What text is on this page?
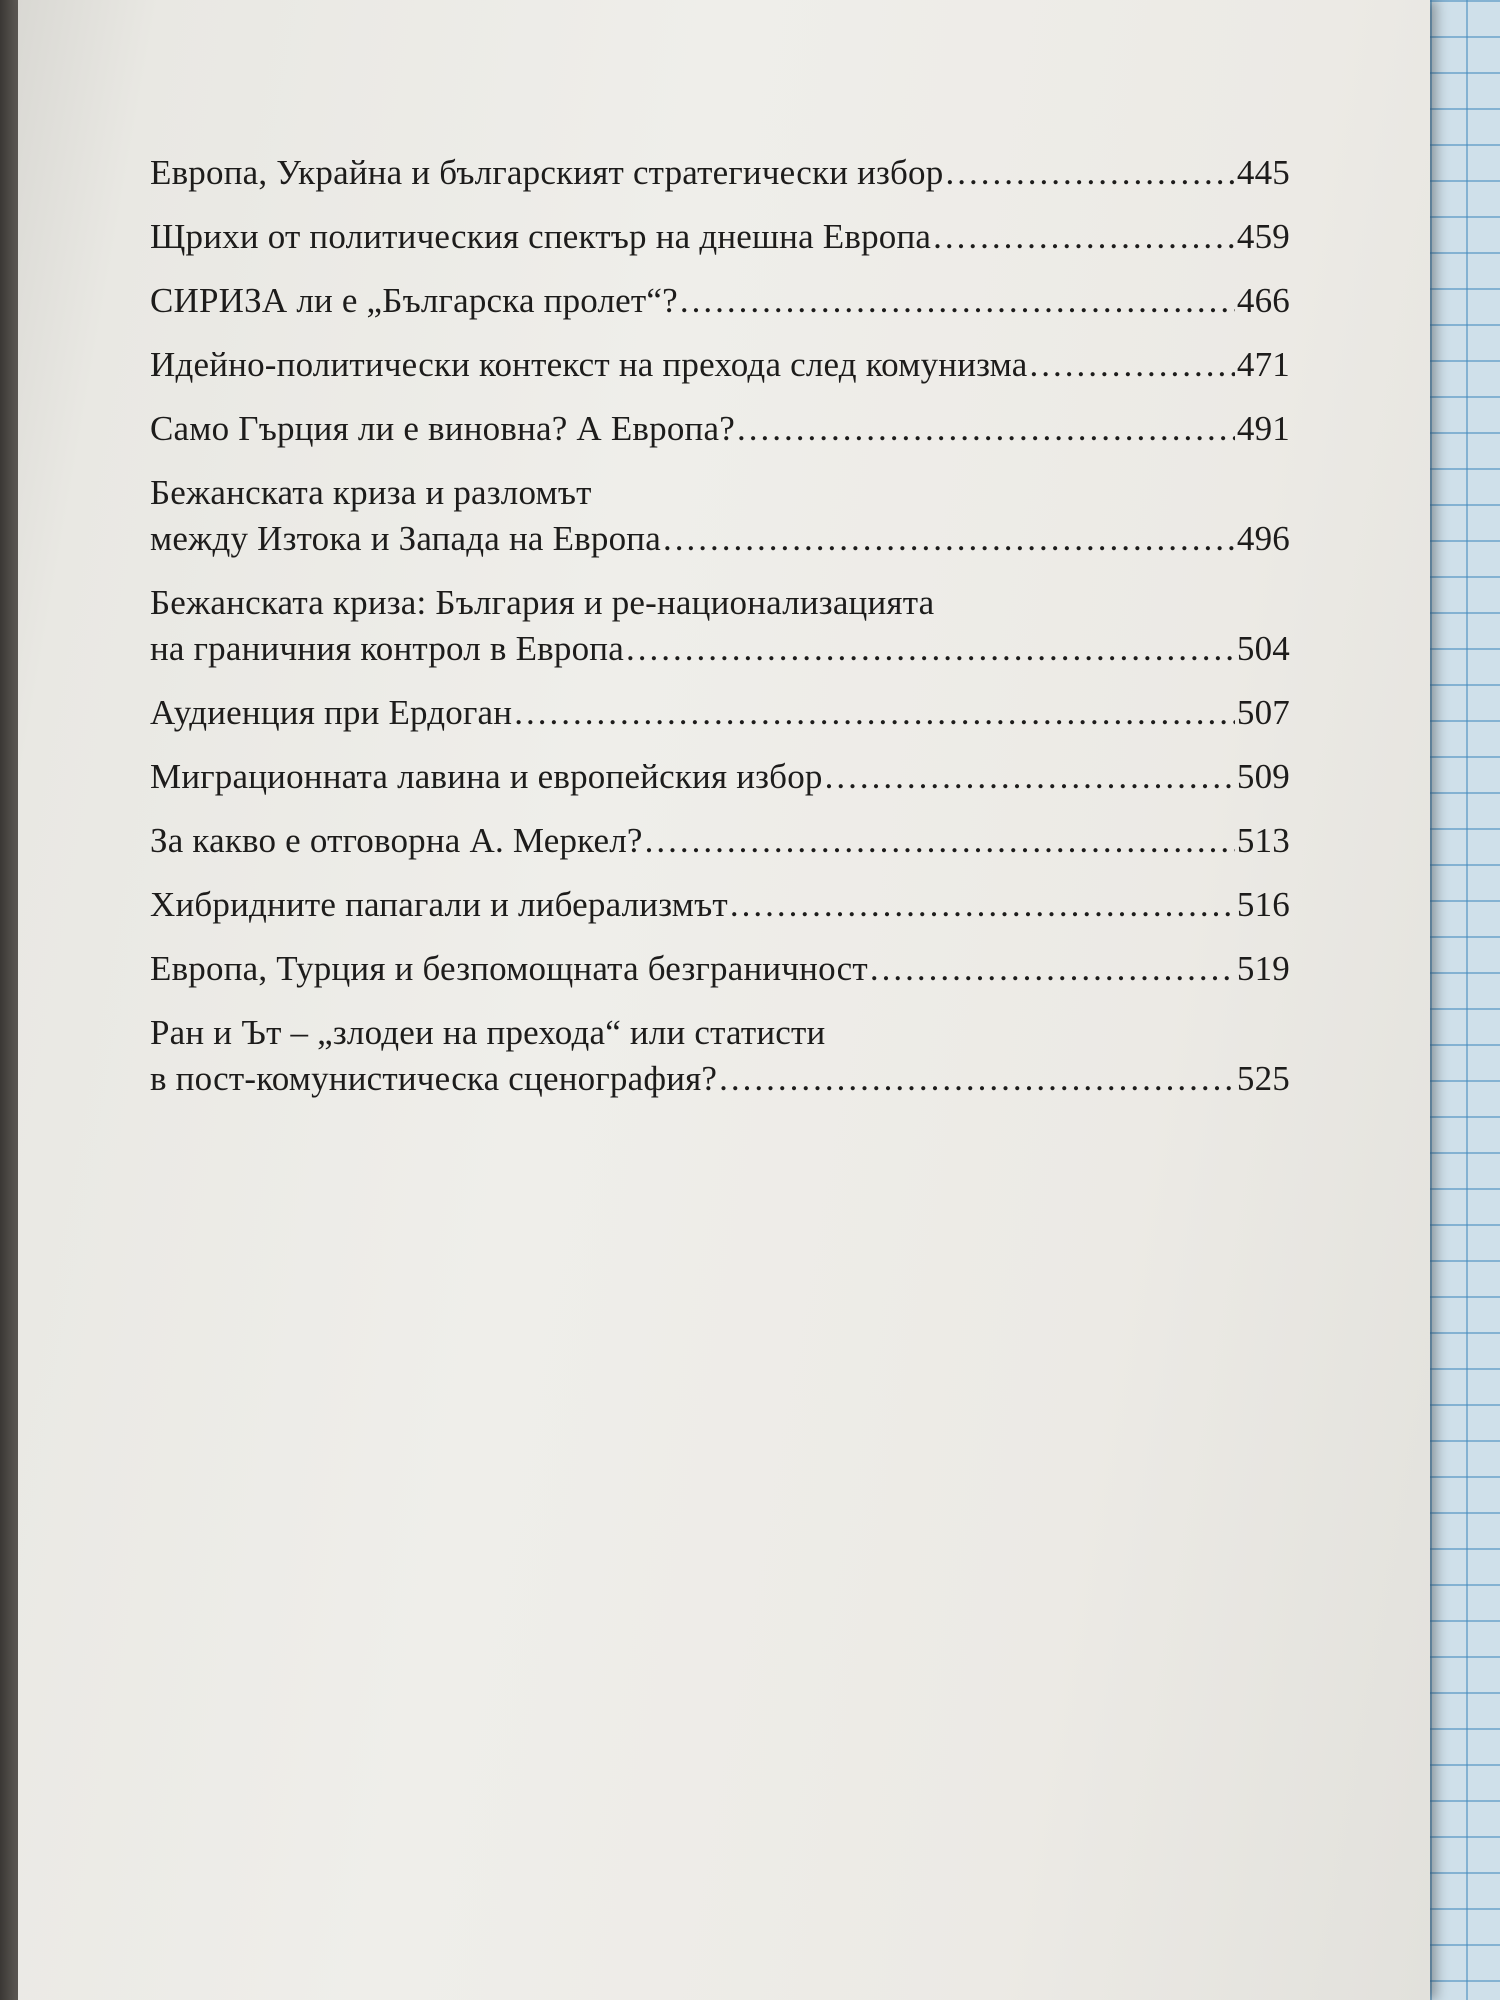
Европа, Украйна и българският стратегически избор .....	445
Щрихи от политическия спектър на днешна Европа .....	459
СИРИЗА ли е „Българска пролет“? .....	466
Идейно-политически контекст на прехода след комунизма .....	471
Само Гърция ли е виновна? А Европа? .....	491
Бежанската криза и разломът
между Изтока и Запада на Европа .....	496
Бежанската криза: България и ре-национализацията
на граничния контрол в Европа .....	504
Аудиенция при Ердоган .....	507
Миграционната лавина и европейския избор .....	509
За какво е отговорна А. Меркел? .....	513
Хибридните папагали и либерализмът .....	516
Европа, Турция и безпомощната безграничност .....	519
Ран и Ът – „злодеи на прехода“ или статисти
в пост-комунистическа сценография? .....	525
